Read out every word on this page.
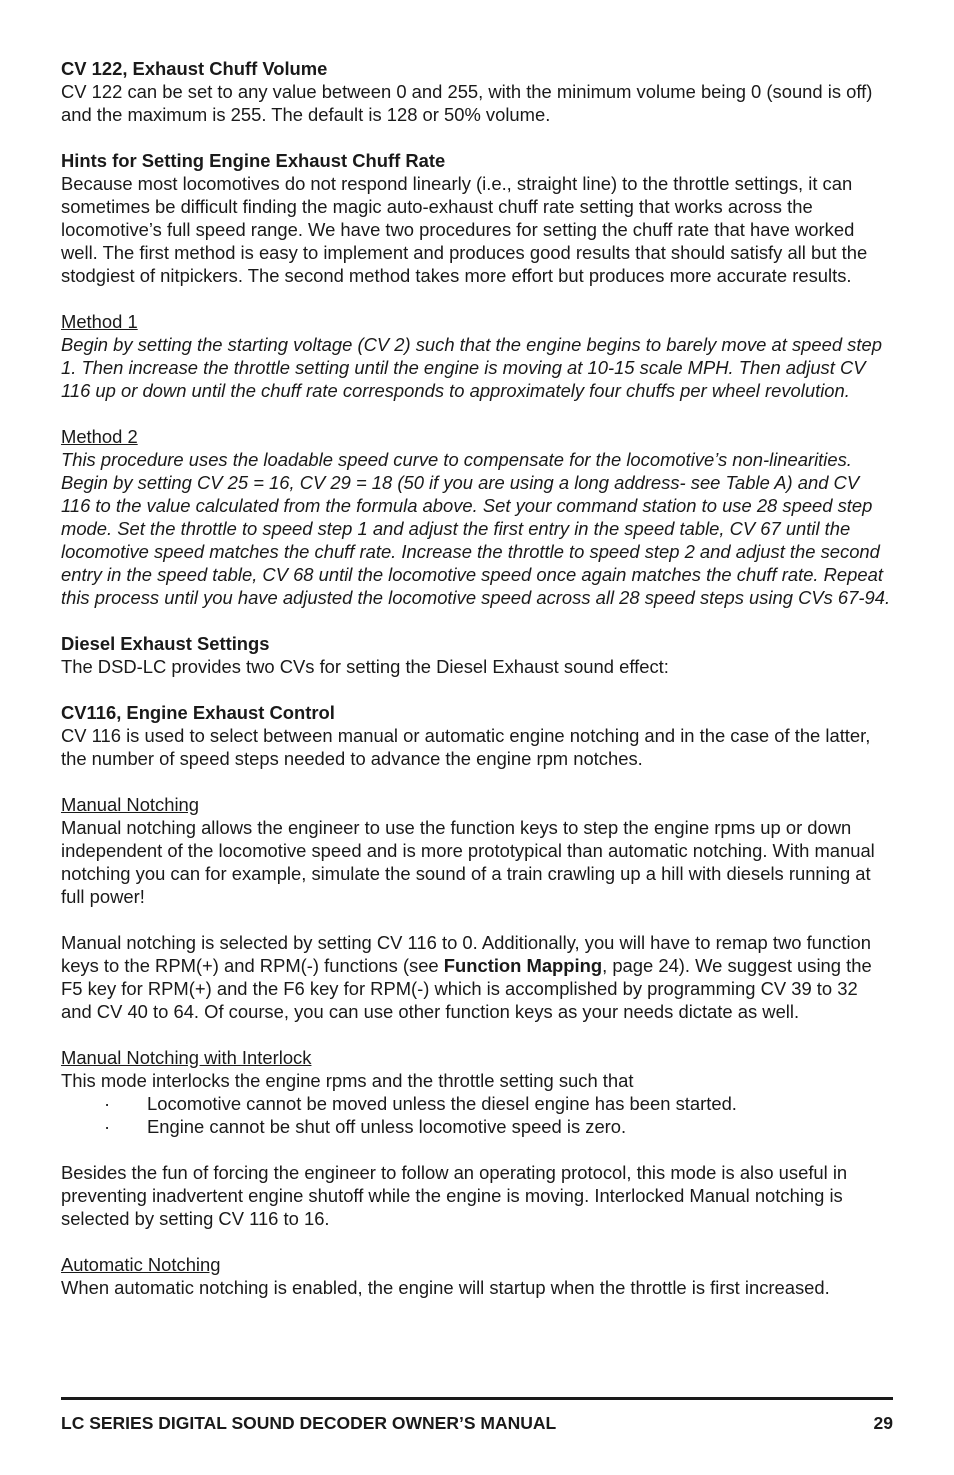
CV 122, Exhaust Chuff Volume

CV 122 can be set to any value between 0 and 255, with the minimum volume being 0 (sound is off) and the maximum is 255. The default is 128 or 50% volume.

Hints for Setting Engine Exhaust Chuff Rate

Because most locomotives do not respond linearly (i.e., straight line) to the throttle settings, it can sometimes be difficult finding the magic auto-exhaust chuff rate setting that works across the locomotive’s full speed range. We have two procedures for setting the chuff rate that have worked well. The first method is easy to implement and produces good results that should satisfy all but the stodgiest of nitpickers. The second method takes more effort but produces more accurate results.

Method 1

Begin by setting the starting voltage (CV 2) such that the engine begins to barely move at speed step 1. Then increase the throttle setting until the engine is moving at 10-15 scale MPH. Then adjust CV 116 up or down until the chuff rate corresponds to approximately four chuffs per wheel revolution.

Method 2

This procedure uses the loadable speed curve to compensate for the locomotive’s non-linearities. Begin by setting CV 25 = 16, CV 29 = 18 (50 if you are using a long address- see Table A) and CV 116 to the value calculated from the formula above. Set your command station to use 28 speed step mode. Set the throttle to speed step 1 and adjust the first entry in the speed table, CV 67 until the locomotive speed matches the chuff rate. Increase the throttle to speed step 2 and adjust the second entry in the speed table, CV 68 until the locomotive speed once again matches the chuff rate. Repeat this process until you have adjusted the locomotive speed across all 28 speed steps using CVs 67-94.

Diesel Exhaust Settings

The DSD-LC provides two CVs for setting the Diesel Exhaust sound effect:

CV116, Engine Exhaust Control

CV 116 is used to select between manual or automatic engine notching and in the case of the latter, the number of speed steps needed to advance the engine rpm notches.

Manual Notching

Manual notching allows the engineer to use the function keys to step the engine rpms up or down independent of the locomotive speed and is more prototypical than automatic notching. With manual notching you can for example, simulate the sound of a train crawling up a hill with diesels running at full power!

Manual notching is selected by setting CV 116 to 0. Additionally, you will have to remap two function keys to the RPM(+) and RPM(-) functions (see Function Mapping, page 24). We suggest using the F5 key for RPM(+) and the F6 key for RPM(-) which is accomplished by programming CV 39 to 32 and CV 40 to 64. Of course, you can use other function keys as your needs dictate as well.

Manual Notching with Interlock

This mode interlocks the engine rpms and the throttle setting such that

· Locomotive cannot be moved unless the diesel engine has been started.
· Engine cannot be shut off unless locomotive speed is zero.

Besides the fun of forcing the engineer to follow an operating protocol, this mode is also useful in preventing inadvertent engine shutoff while the engine is moving. Interlocked Manual notching is selected by setting CV 116 to 16.

Automatic Notching

When automatic notching is enabled, the engine will startup when the throttle is first increased.

LC SERIES DIGITAL SOUND DECODER OWNER’S MANUAL	29
